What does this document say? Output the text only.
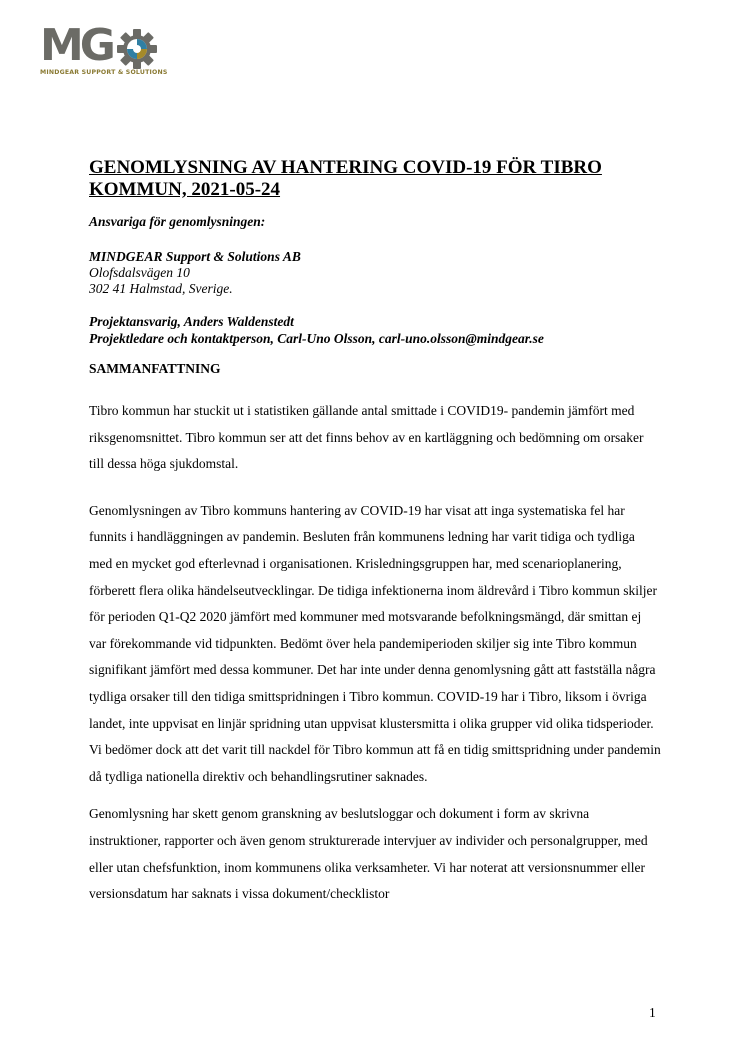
MG
MINDGEAR SUPPORT & SOLUTIONS
GENOMLYSNING AV HANTERING COVID-19 FÖR TIBRO KOMMUN, 2021-05-24
Ansvariga för genomlysningen:
MINDGEAR Support & Solutions AB
Olofsdalsvägen 10
302 41 Halmstad, Sverige.
Projektansvarig, Anders Waldenstedt
Projektledare och kontaktperson, Carl-Uno Olsson, carl-uno.olsson@mindgear.se
SAMMANFATTNING

Tibro kommun har stuckit ut i statistiken gällande antal smittade i COVID19- pandemin jämfört med riksgenomsnittet. Tibro kommun ser att det finns behov av en kartläggning och bedömning om orsaker till dessa höga sjukdomstal.

Genomlysningen av Tibro kommuns hantering av COVID-19 har visat att inga systematiska fel har funnits i handläggningen av pandemin. Besluten från kommunens ledning har varit tidiga och tydliga med en mycket god efterlevnad i organisationen. Krisledningsgruppen har, med scenarioplanering, förberett flera olika händelseutvecklingar. De tidiga infektionerna inom äldrevård i Tibro kommun skiljer för perioden Q1-Q2 2020 jämfört med kommuner med motsvarande befolkningsmängd, där smittan ej var förekommande vid tidpunkten. Bedömt över hela pandemiperioden skiljer sig inte Tibro kommun signifikant jämfört med dessa kommuner. Det har inte under denna genomlysning gått att fastställa några tydliga orsaker till den tidiga smittspridningen i Tibro kommun. COVID-19 har i Tibro, liksom i övriga landet, inte uppvisat en linjär spridning utan uppvisat klustersmitta i olika grupper vid olika tidsperioder. Vi bedömer dock att det varit till nackdel för Tibro kommun att få en tidig smittspridning under pandemin då tydliga nationella direktiv och behandlingsrutiner saknades.

Genomlysning har skett genom granskning av beslutsloggar och dokument i form av skrivna instruktioner, rapporter och även genom strukturerade intervjuer av individer och personalgrupper, med eller utan chefsfunktion, inom kommunens olika verksamheter. Vi har noterat att versionsnummer eller versionsdatum har saknats i vissa dokument/checklistor

1
